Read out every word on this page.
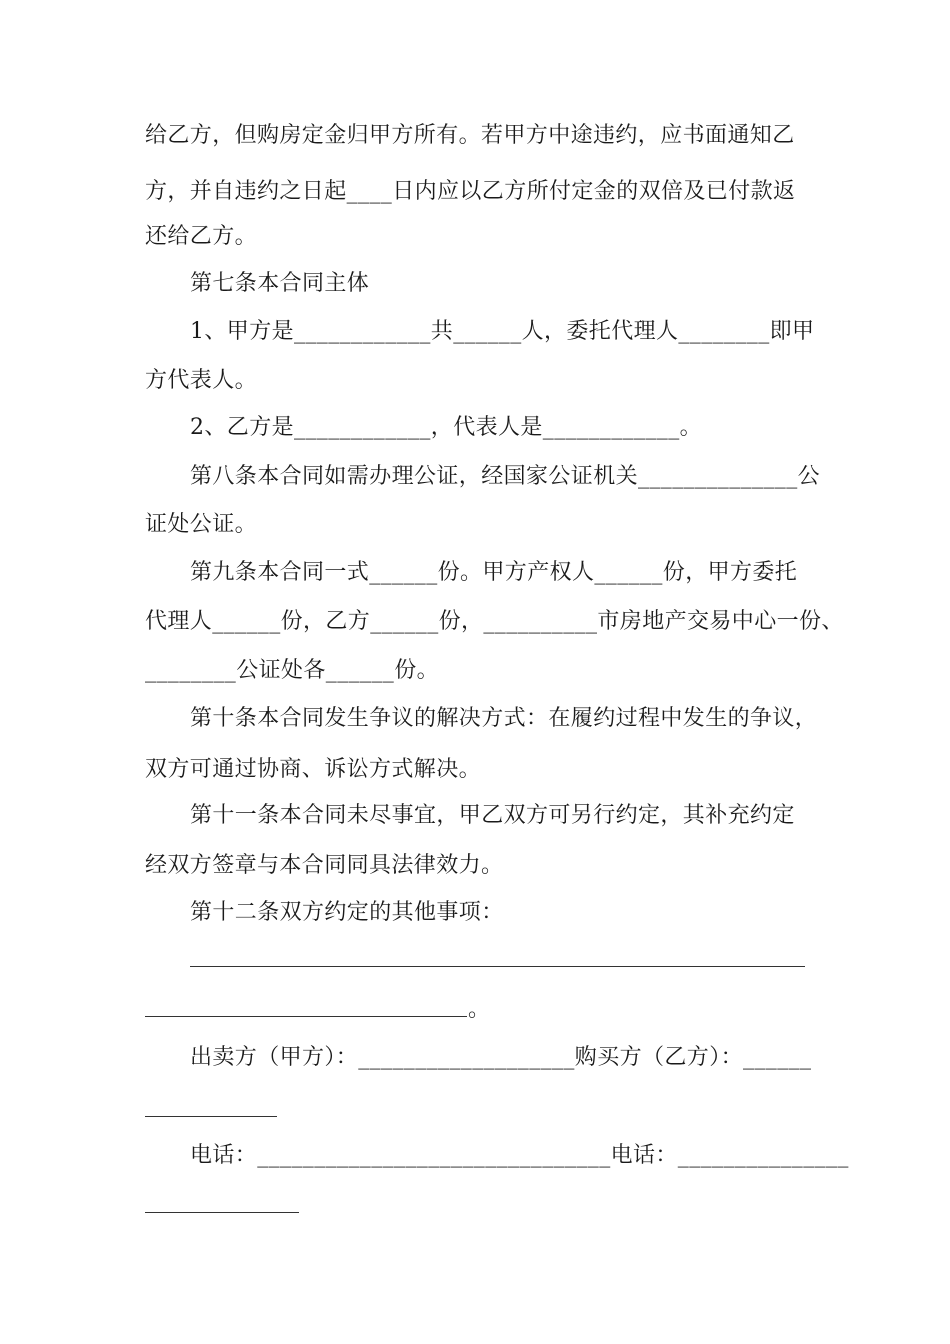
给乙方，但购房定金归甲方所有。若甲方中途违约，应书面通知乙
方，并自违约之日起____日内应以乙方所付定金的双倍及已付款返
还给乙方。
第七条本合同主体
1、甲方是____________共______人，委托代理人________即甲
方代表人。
2、乙方是____________，代表人是____________。
第八条本合同如需办理公证，经国家公证机关______________公
证处公证。
第九条本合同一式______份。甲方产权人______份，甲方委托
代理人______份，乙方______份，__________市房地产交易中心一份、
________公证处各______份。
第十条本合同发生争议的解决方式：在履约过程中发生的争议，
双方可通过协商、诉讼方式解决。
第十一条本合同未尽事宜，甲乙双方可另行约定，其补充约定
经双方签章与本合同同具法律效力。
第十二条双方约定的其他事项：
。
出卖方（甲方）：___________________购买方（乙方）：______
电话：_______________________________电话：_______________
